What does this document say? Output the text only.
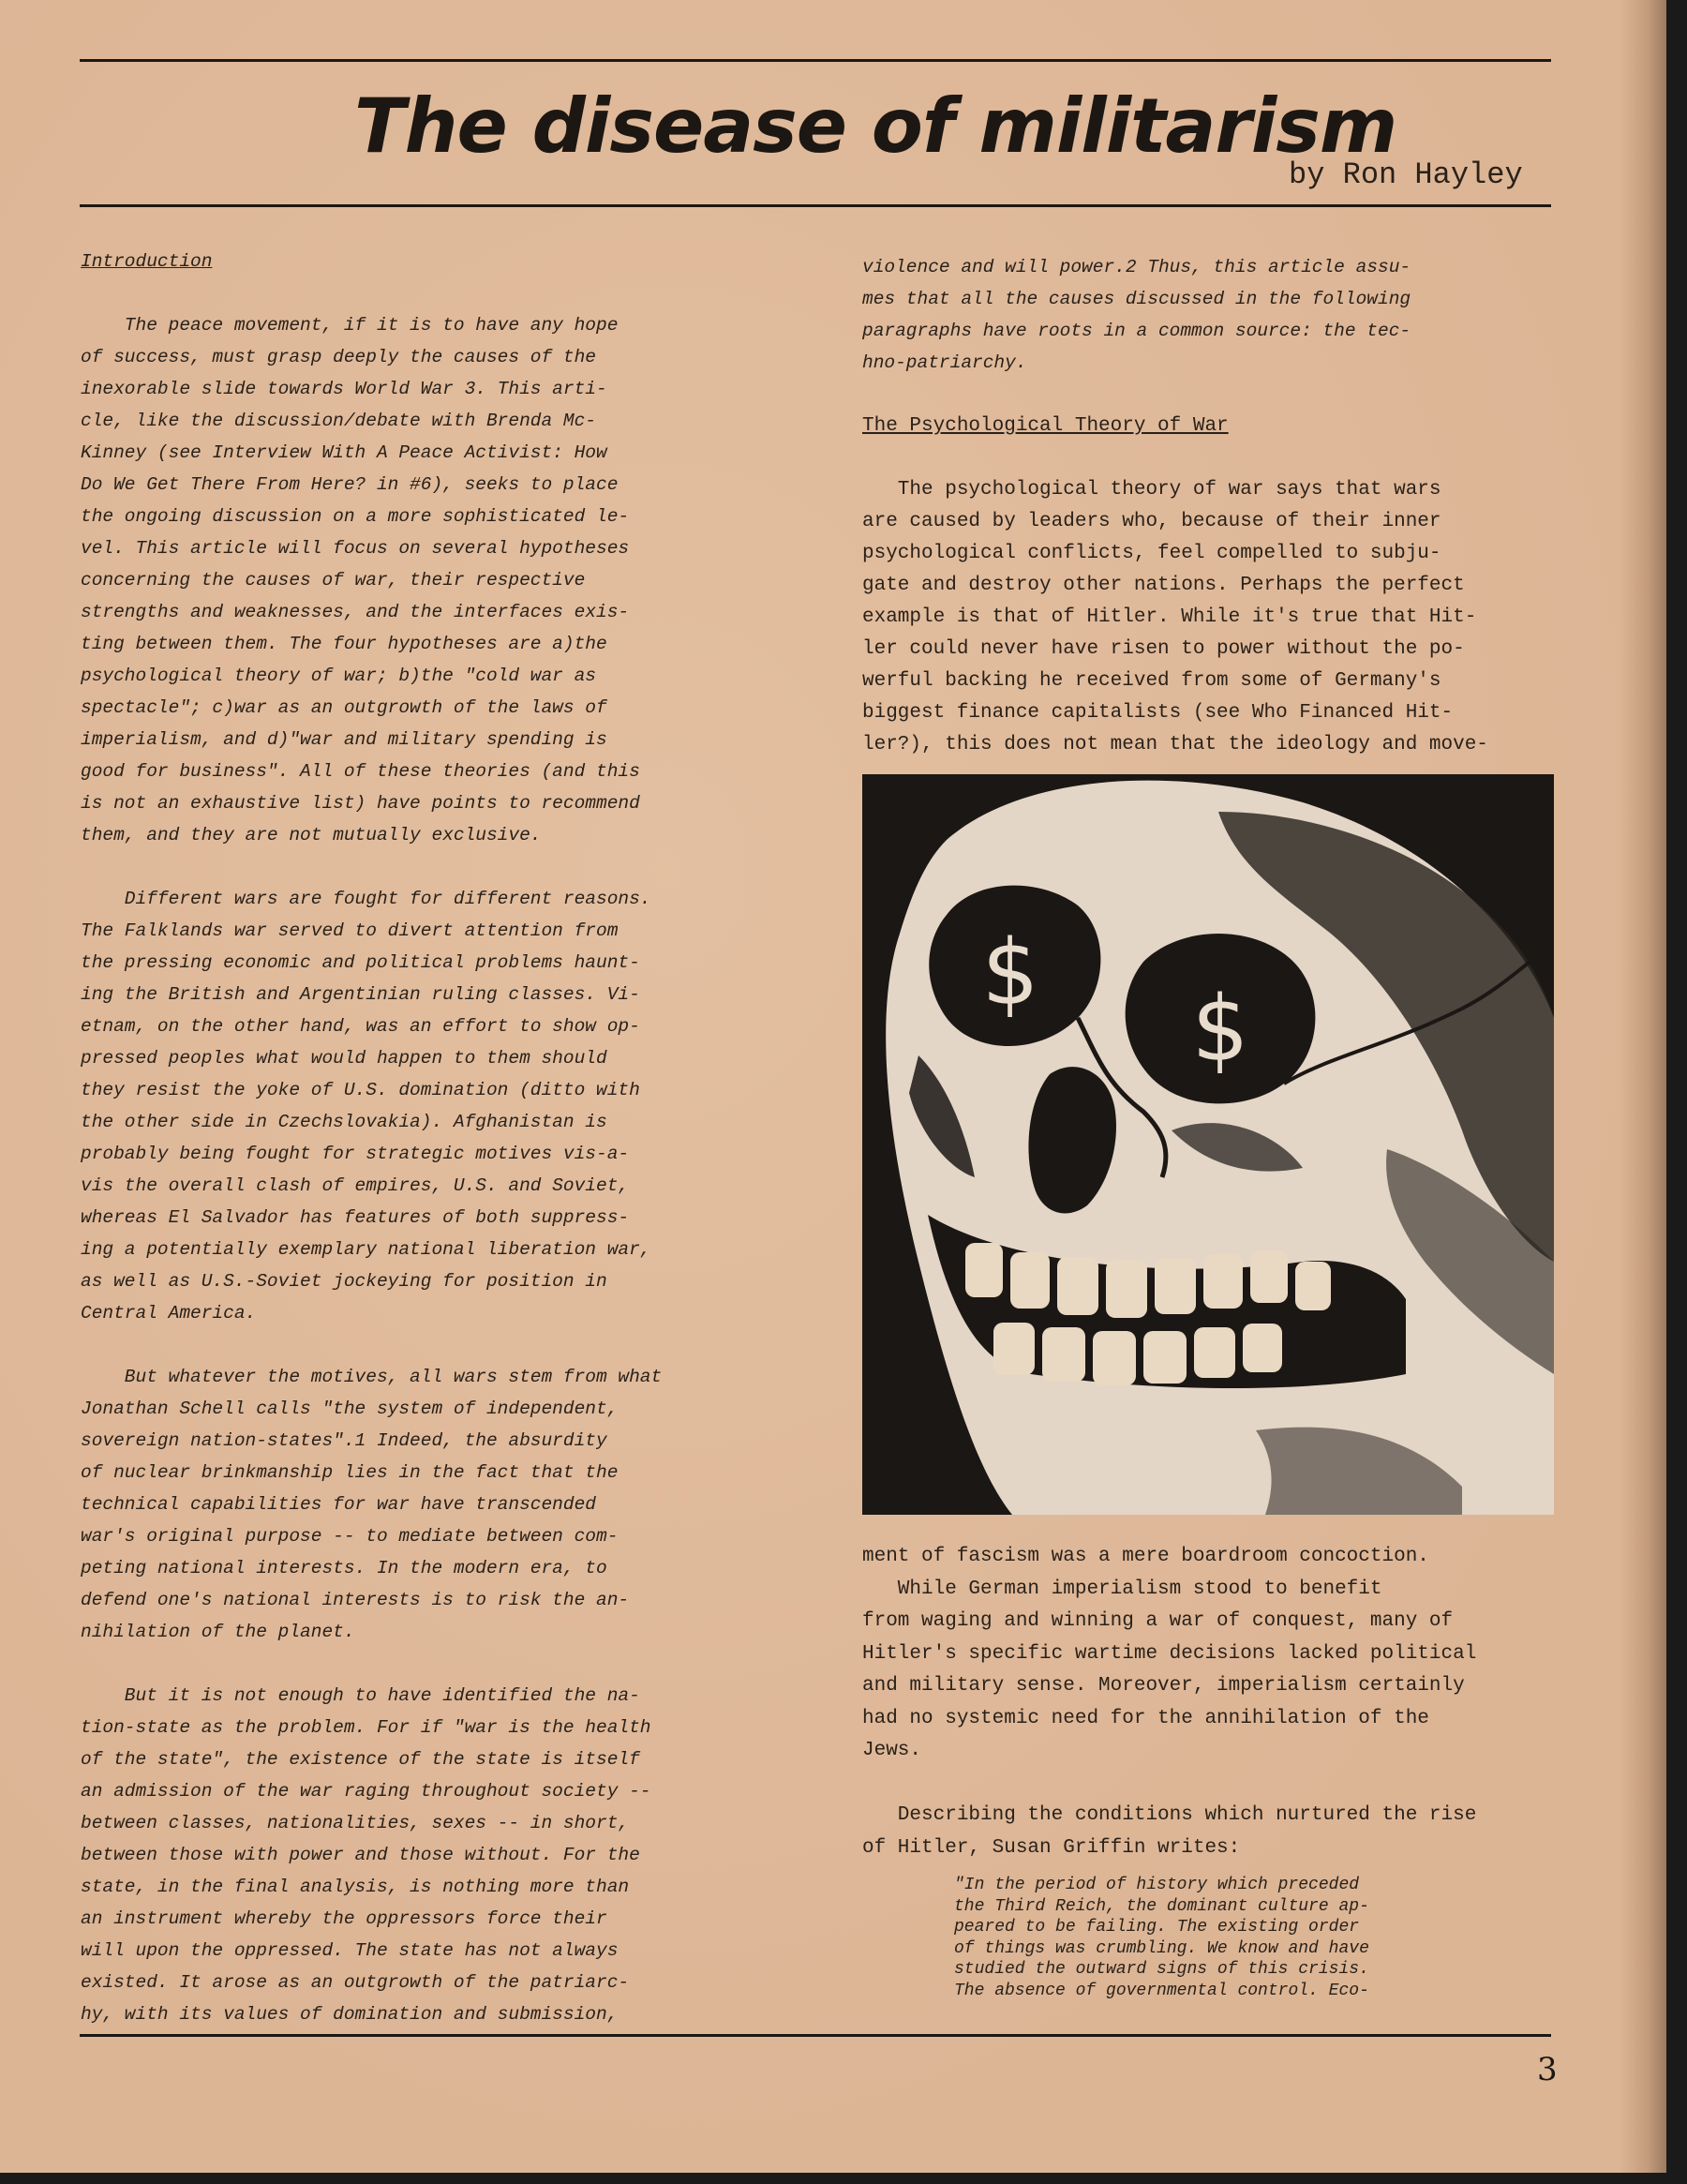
The disease of militarism
by Ron Hayley

Introduction

The peace movement, if it is to have any hope

of success, must grasp deeply the causes of the

inexorable slide towards World War 3. This arti-

cle, like the discussion/debate with Brenda Mc-

Kinney (see Interview With A Peace Activist: How

Do We Get There From Here? in #6), seeks to place

the ongoing discussion on a more sophisticated le-

vel. This article will focus on several hypotheses

concerning the causes of war, their respective

strengths and weaknesses, and the interfaces exis-

ting between them. The four hypotheses are a)the

psychological theory of war; b)the "cold war as

spectacle"; c)war as an outgrowth of the laws of

imperialism, and d)"war and military spending is

good for business". All of these theories (and this

is not an exhaustive list) have points to recommend

them, and they are not mutually exclusive.

Different wars are fought for different reasons.

The Falklands war served to divert attention from

the pressing economic and political problems haunt-

ing the British and Argentinian ruling classes. Vi-

etnam, on the other hand, was an effort to show op-

pressed peoples what would happen to them should

they resist the yoke of U.S. domination (ditto with

the other side in Czechslovakia). Afghanistan is

probably being fought for strategic motives vis-a-

vis the overall clash of empires, U.S. and Soviet,

whereas El Salvador has features of both suppress-

ing a potentially exemplary national liberation war,

as well as U.S.-Soviet jockeying for position in

Central America.

But whatever the motives, all wars stem from what

Jonathan Schell calls "the system of independent,

sovereign nation-states".1 Indeed, the absurdity

of nuclear brinkmanship lies in the fact that the

technical capabilities for war have transcended

war's original purpose -- to mediate between com-

peting national interests. In the modern era, to

defend one's national interests is to risk the an-

nihilation of the planet.

But it is not enough to have identified the na-

tion-state as the problem. For if "war is the health

of the state", the existence of the state is itself

an admission of the war raging throughout society --

between classes, nationalities, sexes -- in short,

between those with power and those without. For the

state, in the final analysis, is nothing more than

an instrument whereby the oppressors force their

will upon the oppressed. The state has not always

existed. It arose as an outgrowth of the patriarc-

hy, with its values of domination and submission,

violence and will power.2 Thus, this article assu-

mes that all the causes discussed in the following

paragraphs have roots in a common source: the tec-

hno-patriarchy.

The Psychological Theory of War

The psychological theory of war says that wars

are caused by leaders who, because of their inner

psychological conflicts, feel compelled to subju-

gate and destroy other nations. Perhaps the perfect

example is that of Hitler. While it's true that Hit-

ler could never have risen to power without the po-

werful backing he received from some of Germany's

biggest finance capitalists (see Who Financed Hit-

ler?), this does not mean that the ideology and move-

$
$

ment of fascism was a mere boardroom concoction.

While German imperialism stood to benefit

from waging and winning a war of conquest, many of

Hitler's specific wartime decisions lacked political

and military sense. Moreover, imperialism certainly

had no systemic need for the annihilation of the

Jews.

Describing the conditions which nurtured the rise

of Hitler, Susan Griffin writes:

"In the period of history which preceded

the Third Reich, the dominant culture ap-

peared to be failing. The existing order

of things was crumbling. We know and have

studied the outward signs of this crisis.

The absence of governmental control. Eco-

3
